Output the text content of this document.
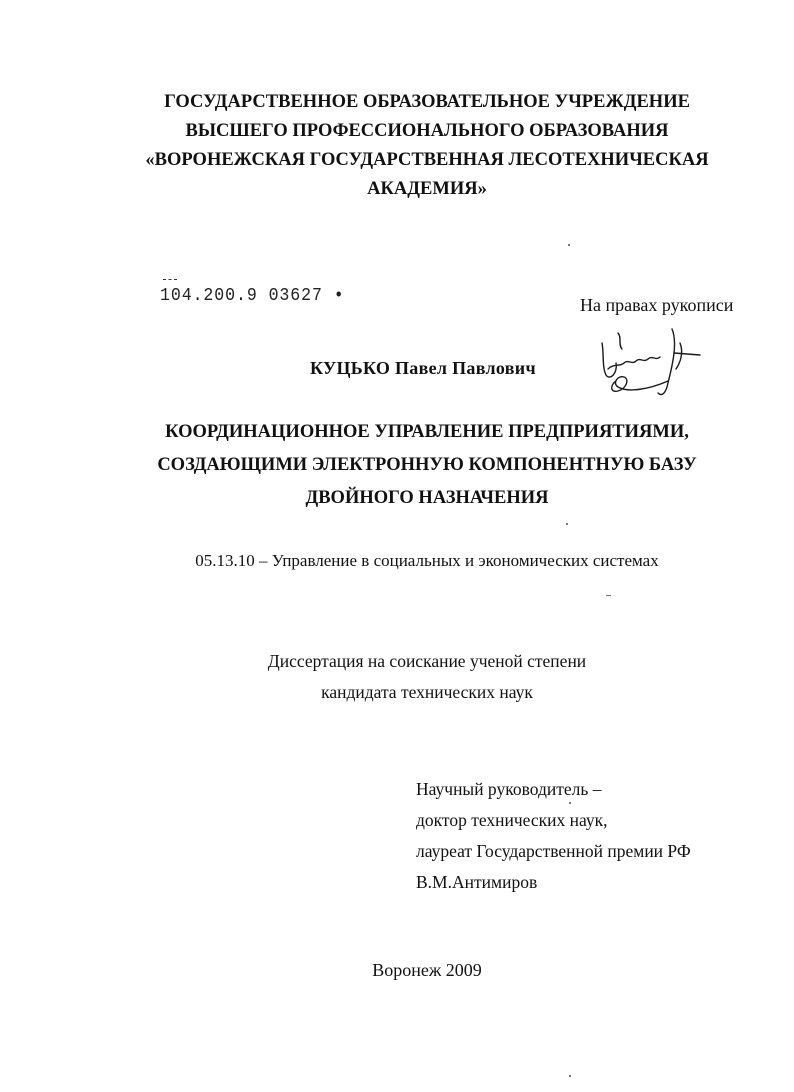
ГОСУДАРСТВЕННОЕ ОБРАЗОВАТЕЛЬНОЕ УЧРЕЖДЕНИЕ
ВЫСШЕГО ПРОФЕССИОНАЛЬНОГО ОБРАЗОВАНИЯ
«ВОРОНЕЖСКАЯ ГОСУДАРСТВЕННАЯ ЛЕСОТЕХНИЧЕСКАЯ
АКАДЕМИЯ»
104.200.9 03627 •	На правах рукописи
КУЦЬКО Павел Павлович
КООРДИНАЦИОННОЕ УПРАВЛЕНИЕ ПРЕДПРИЯТИЯМИ,
СОЗДАЮЩИМИ ЭЛЕКТРОННУЮ КОМПОНЕНТНУЮ БАЗУ
ДВОЙНОГО НАЗНАЧЕНИЯ
05.13.10 – Управление в социальных и экономических системах
Диссертация на соискание ученой степени
кандидата технических наук
Научный руководитель –
доктор технических наук,
лауреат Государственной премии РФ
В.М.Антимиров
Воронеж 2009
